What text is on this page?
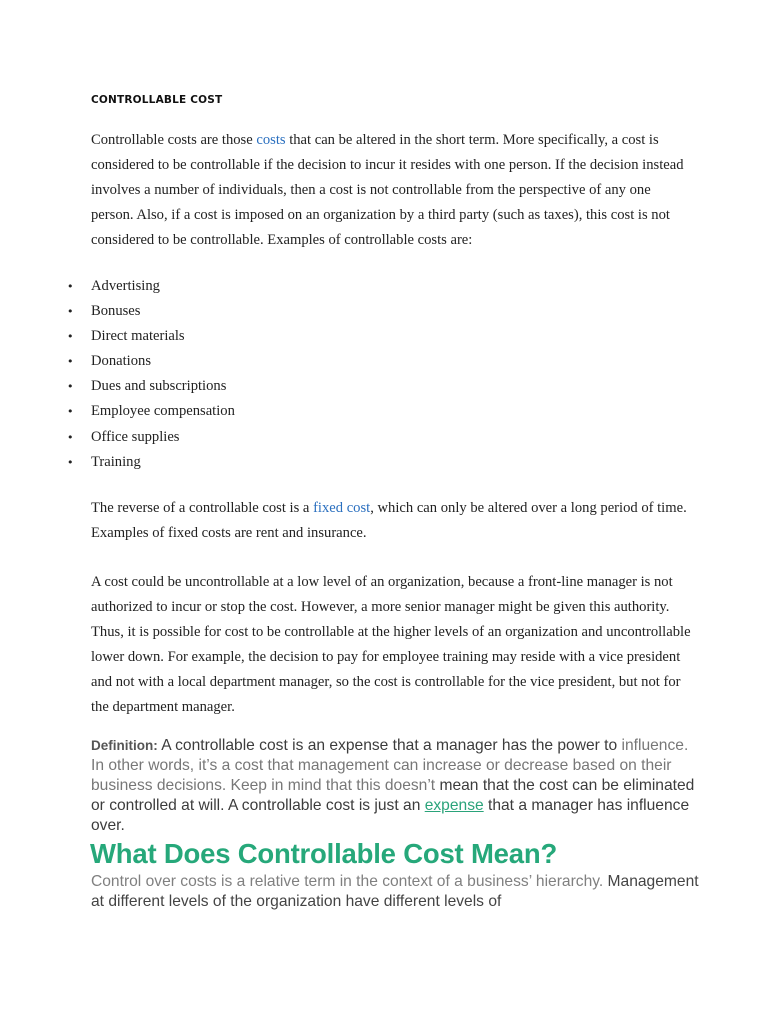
CONTROLLABLE COST

Controllable costs are those costs that can be altered in the short term. More specifically, a cost is considered to be controllable if the decision to incur it resides with one person. If the decision instead involves a number of individuals, then a cost is not controllable from the perspective of any one person. Also, if a cost is imposed on an organization by a third party (such as taxes), this cost is not considered to be controllable. Examples of controllable costs are:

• Advertising
• Bonuses
• Direct materials
• Donations
• Dues and subscriptions
• Employee compensation
• Office supplies
• Training

The reverse of a controllable cost is a fixed cost, which can only be altered over a long period of time. Examples of fixed costs are rent and insurance.

A cost could be uncontrollable at a low level of an organization, because a front-line manager is not authorized to incur or stop the cost. However, a more senior manager might be given this authority. Thus, it is possible for cost to be controllable at the higher levels of an organization and uncontrollable lower down. For example, the decision to pay for employee training may reside with a vice president and not with a local department manager, so the cost is controllable for the vice president, but not for the department manager.

Definition: A controllable cost is an expense that a manager has the power to influence. In other words, it’s a cost that management can increase or decrease based on their business decisions. Keep in mind that this doesn’t mean that the cost can be eliminated or controlled at will. A controllable cost is just an expense that a manager has influence over.

What Does Controllable Cost Mean?

Control over costs is a relative term in the context of a business’ hierarchy. Management at different levels of the organization have different levels of
